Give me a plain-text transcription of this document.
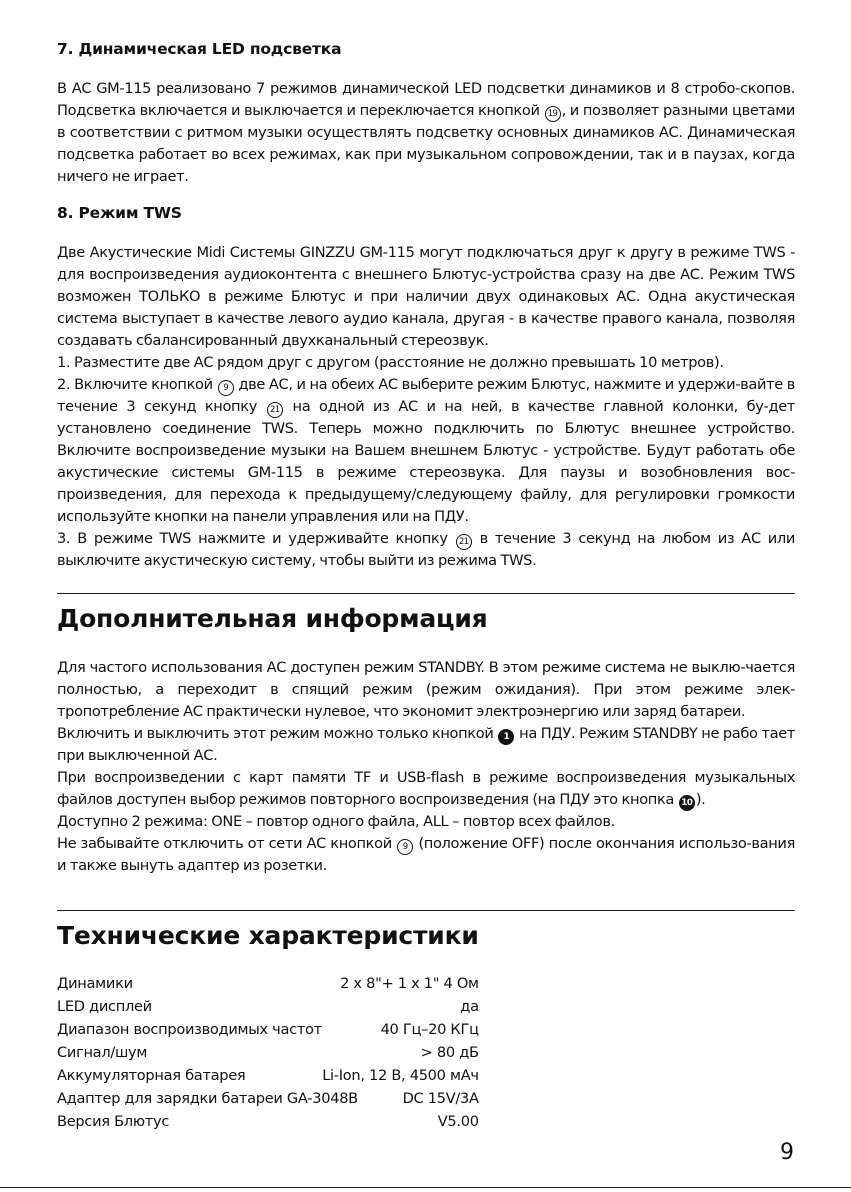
7. Динамическая LED подсветка

В АС GM-115 реализовано 7 режимов динамической LED подсветки динамиков и 8 стробо-скопов. Подсветка включается и выключается и переключается кнопкой 19 , и позволяет разными цветами в соответствии с ритмом музыки осуществлять подсветку основных динамиков АС. Динамическая подсветка работает во всех режимах, как при музыкальном сопровождении, так и в паузах, когда ничего не играет.

8. Режим TWS

Две Акустические Midi Системы GINZZU GM-115 могут подключаться друг к другу в режиме TWS - для воспроизведения аудиоконтента с внешнего Блютус-устройства сразу на две АС. Режим TWS возможен ТОЛЬКО в режиме Блютус и при наличии двух одинаковых АС. Одна акустическая система выступает в качестве левого аудио канала, другая - в качестве правого канала, позволяя создавать сбалансированный двухканальный стереозвук.

1. Разместите две АС рядом друг с другом (расстояние не должно превышать 10 метров).

2. Включите кнопкой 9 две АС, и на обеих АС выберите режим Блютус, нажмите и удержи-вайте в течение 3 секунд кнопку 21 на одной из АС и на ней, в качестве главной колонки, бу-дет установлено соединение TWS. Теперь можно подключить по Блютус внешнее устройство. Включите воспроизведение музыки на Вашем внешнем Блютус - устройстве. Будут работать обе акустические системы GM-115 в режиме стереозвука. Для паузы и возобновления вос-произведения, для перехода к предыдущему/следующему файлу, для регулировки громкости используйте кнопки на панели управления или на ПДУ.

3. В режиме TWS нажмите и удерживайте кнопку 21 в течение 3 секунд на любом из АС или выключите акустическую систему, чтобы выйти из режима TWS.

Дополнительная информация

Для частого использования АС доступен режим STANDBY. В этом режиме система не выклю-чается полностью, а переходит в спящий режим (режим ожидания). При этом режиме элек-тропотребление АС практически нулевое, что экономит электроэнергию или заряд батареи.

Включить и выключить этот режим можно только кнопкой 1 на ПДУ. Режим STANDBY не рабо тает при выключенной АС.

При воспроизведении с карт памяти TF и USB-flash в режиме воспроизведения музыкальных файлов доступен выбор режимов повторного воспроизведения (на ПДУ это кнопка 10 ).

Доступно 2 режима: ONE – повтор одного файла, ALL – повтор всех файлов.

Не забывайте отключить от сети АС кнопкой 9 (положение OFF) после окончания использо-вания и также вынуть адаптер из розетки.

Технические характеристики
Динамики	2 x 8"+ 1 x 1" 4 Ом
LED дисплей	да
Диапазон воспроизводимых частот	40 Гц–20 КГц
Сигнал/шум	> 80 дБ
Аккумуляторная батарея	Li-Ion, 12 В, 4500 мАч
Адаптер для зарядки батареи GA-3048B	DC 15V/3A
Версия Блютус	V5.00
9
